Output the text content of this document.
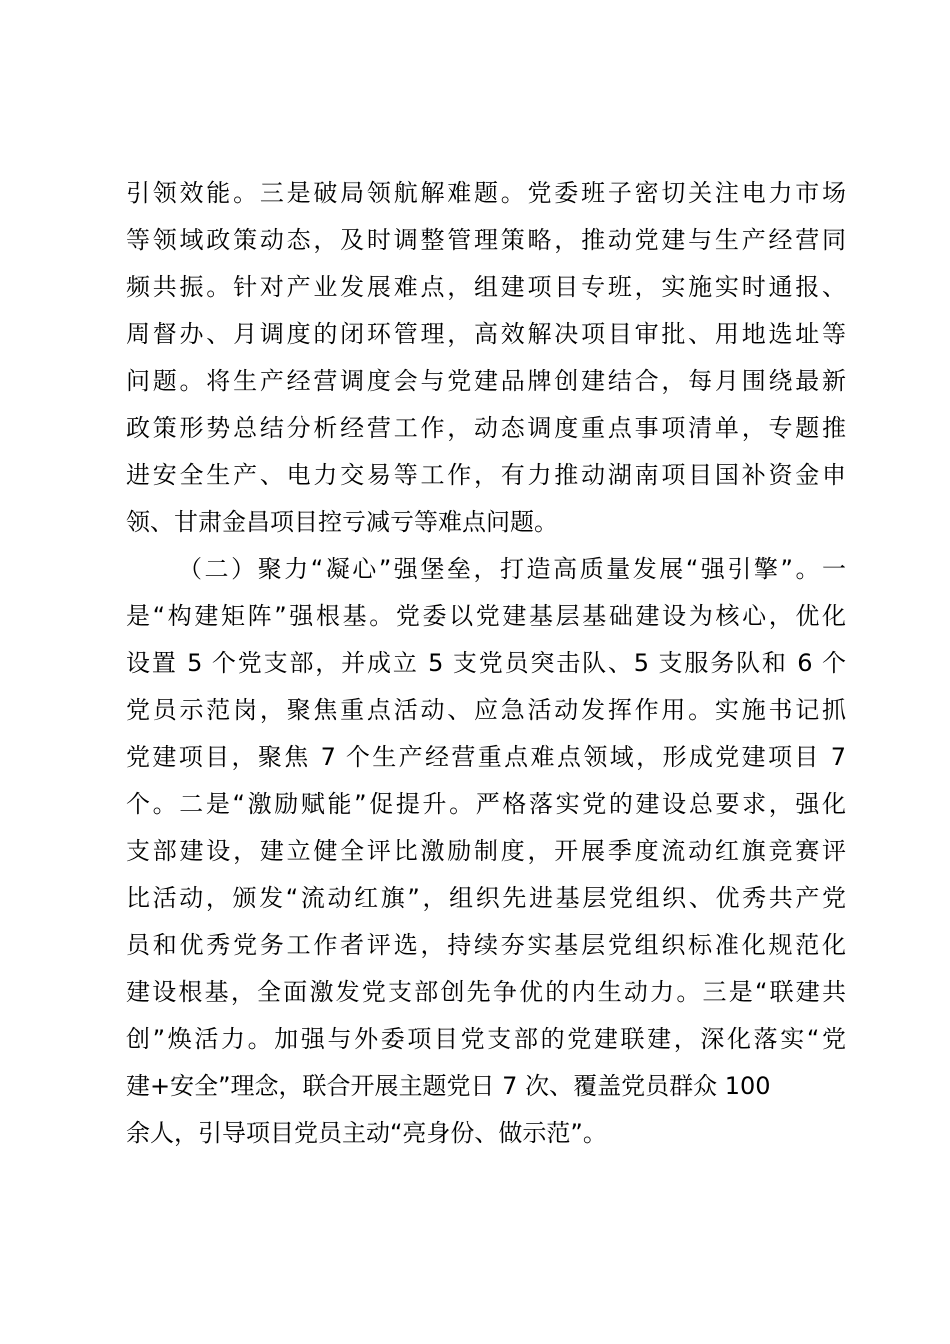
引领效能。三是破局领航解难题。党委班子密切关注电力市场
等领域政策动态，及时调整管理策略，推动党建与生产经营同
频共振。针对产业发展难点，组建项目专班，实施实时通报、
周督办、月调度的闭环管理，高效解决项目审批、用地选址等
问题。将生产经营调度会与党建品牌创建结合，每月围绕最新
政策形势总结分析经营工作，动态调度重点事项清单，专题推
进安全生产、电力交易等工作，有力推动湖南项目国补资金申
领、甘肃金昌项目控亏减亏等难点问题。
（二）聚力“凝心”强堡垒，打造高质量发展“强引擎”。一
是“构建矩阵”强根基。党委以党建基层基础建设为核心，优化
设置 5 个党支部，并成立 5 支党员突击队、5 支服务队和 6 个
党员示范岗，聚焦重点活动、应急活动发挥作用。实施书记抓
党建项目，聚焦 7 个生产经营重点难点领域，形成党建项目 7
个。二是“激励赋能”促提升。严格落实党的建设总要求，强化
支部建设，建立健全评比激励制度，开展季度流动红旗竞赛评
比活动，颁发“流动红旗”，组织先进基层党组织、优秀共产党
员和优秀党务工作者评选，持续夯实基层党组织标准化规范化
建设根基，全面激发党支部创先争优的内生动力。三是“联建共
创”焕活力。加强与外委项目党支部的党建联建，深化落实“党
建+安全”理念，联合开展主题党日 7 次、覆盖党员群众 100
余人，引导项目党员主动“亮身份、做示范”。
